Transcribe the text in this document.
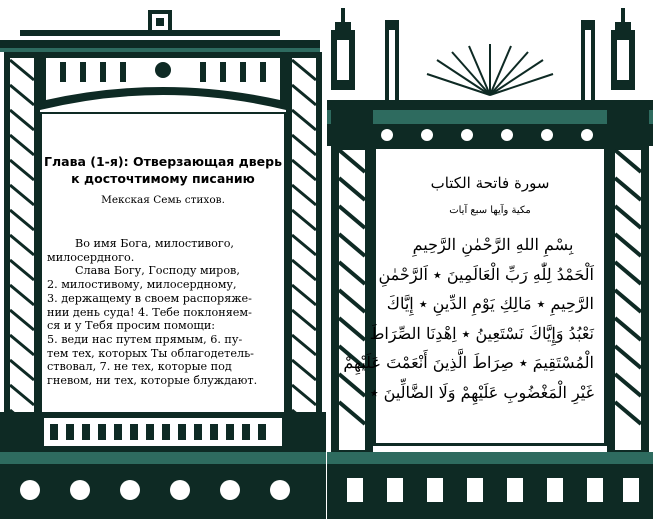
Глава (1-я): Отверзающая дверь
к досточтимому писанию
Мекская Семь стихов.
Во имя Бога, милостивого,
милосердного.
Слава Богу, Господу миров,
2. милостивому, милосердному,
3. держащему в своем распоряже-
нии день суда! 4. Тебе поклоняем-
ся и у Тебя просим помощи:
5. веди нас путем прямым, 6. пу-
тем тех, которых Ты облагодетель-
ствовал, 7. не тех, которые под
гневом, ни тех, которые блуждают.
سورة فاتحة الكتاب
مكية وآيها سبع آيات
بِسْمِ اللهِ الرَّحْمٰنِ الرَّحِيمِ
اَلْحَمْدُ لِلّٰهِ رَبِّ الْعَالَمِينَ ٭ اَلرَّحْمٰنِ
الرَّحِيمِ ٭ مَالِكِ يَوْمِ الدِّينِ ٭ إِيَّاكَ
نَعْبُدُ وَإِيَّاكَ نَسْتَعِينُ ٭ اِهْدِنَا الصِّرَاطَ
الْمُسْتَقِيمَ ٭ صِرَاطَ الَّذِينَ أَنْعَمْتَ عَلَيْهِمْ
غَيْرِ الْمَغْضُوبِ عَلَيْهِمْ وَلَا الضَّالِّينَ ٭
